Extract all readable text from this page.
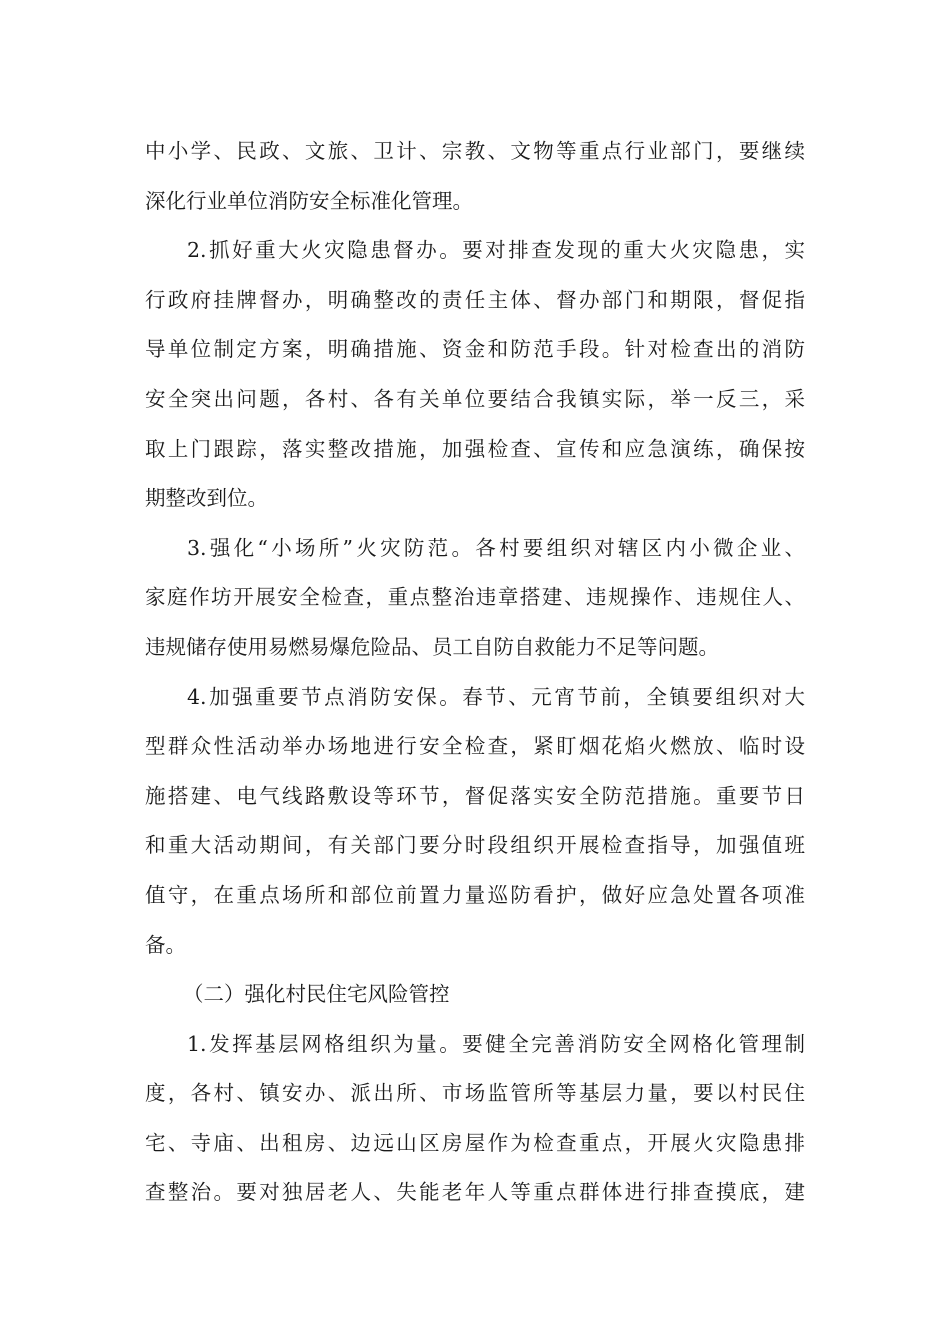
中小学、民政、文旅、卫计、宗教、文物等重点行业部门，要继续
深化行业单位消防安全标准化管理。
2.抓好重大火灾隐患督办。要对排查发现的重大火灾隐患，实
行政府挂牌督办，明确整改的责任主体、督办部门和期限，督促指
导单位制定方案，明确措施、资金和防范手段。针对检查出的消防
安全突出问题，各村、各有关单位要结合我镇实际，举一反三，采
取上门跟踪，落实整改措施，加强检查、宣传和应急演练，确保按
期整改到位。
3.强化“小场所”火灾防范。各村要组织对辖区内小微企业、
家庭作坊开展安全检查，重点整治违章搭建、违规操作、违规住人、
违规储存使用易燃易爆危险品、员工自防自救能力不足等问题。
4.加强重要节点消防安保。春节、元宵节前，全镇要组织对大
型群众性活动举办场地进行安全检查，紧盯烟花焰火燃放、临时设
施搭建、电气线路敷设等环节，督促落实安全防范措施。重要节日
和重大活动期间，有关部门要分时段组织开展检查指导，加强值班
值守，在重点场所和部位前置力量巡防看护，做好应急处置各项准
备。
（二）强化村民住宅风险管控
1.发挥基层网格组织为量。要健全完善消防安全网格化管理制
度，各村、镇安办、派出所、市场监管所等基层力量，要以村民住
宅、寺庙、出租房、边远山区房屋作为检查重点，开展火灾隐患排
查整治。要对独居老人、失能老年人等重点群体进行排查摸底，建
